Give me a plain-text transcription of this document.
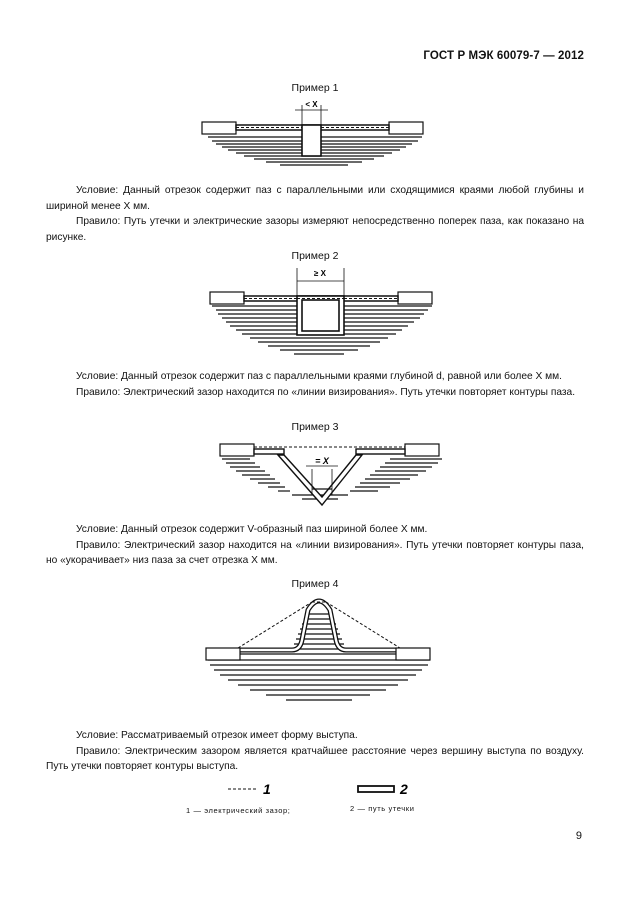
ГОСТ Р МЭК 60079-7 — 2012
Пример 1
< X

Условие: Данный отрезок содержит паз с параллельными или сходящимися краями любой глубины и шириной менее X мм.

Правило: Путь утечки и электрические зазоры измеряют непосредственно поперек паза, как показано на рисунке.

Пример 2
≥ X

Условие: Данный отрезок содержит паз с параллельными краями глубиной d, равной или более X мм.

Правило: Электрический зазор находится по «линии визирования». Путь утечки повторяет контуры паза.

Пример 3
= X

Условие: Данный отрезок содержит V-образный паз шириной более X мм.

Правило: Электрический зазор находится на «линии визирования». Путь утечки повторяет контуры паза, но «укорачивает» низ паза за счет отрезка X мм.

Пример 4

Условие: Рассматриваемый отрезок имеет форму выступа.

Правило: Электрическим зазором является кратчайшее расстояние через вершину выступа по воздуху. Путь утечки повторяет контуры выступа.

1	2
1 — электрический зазор;	2 — путь утечки
9
